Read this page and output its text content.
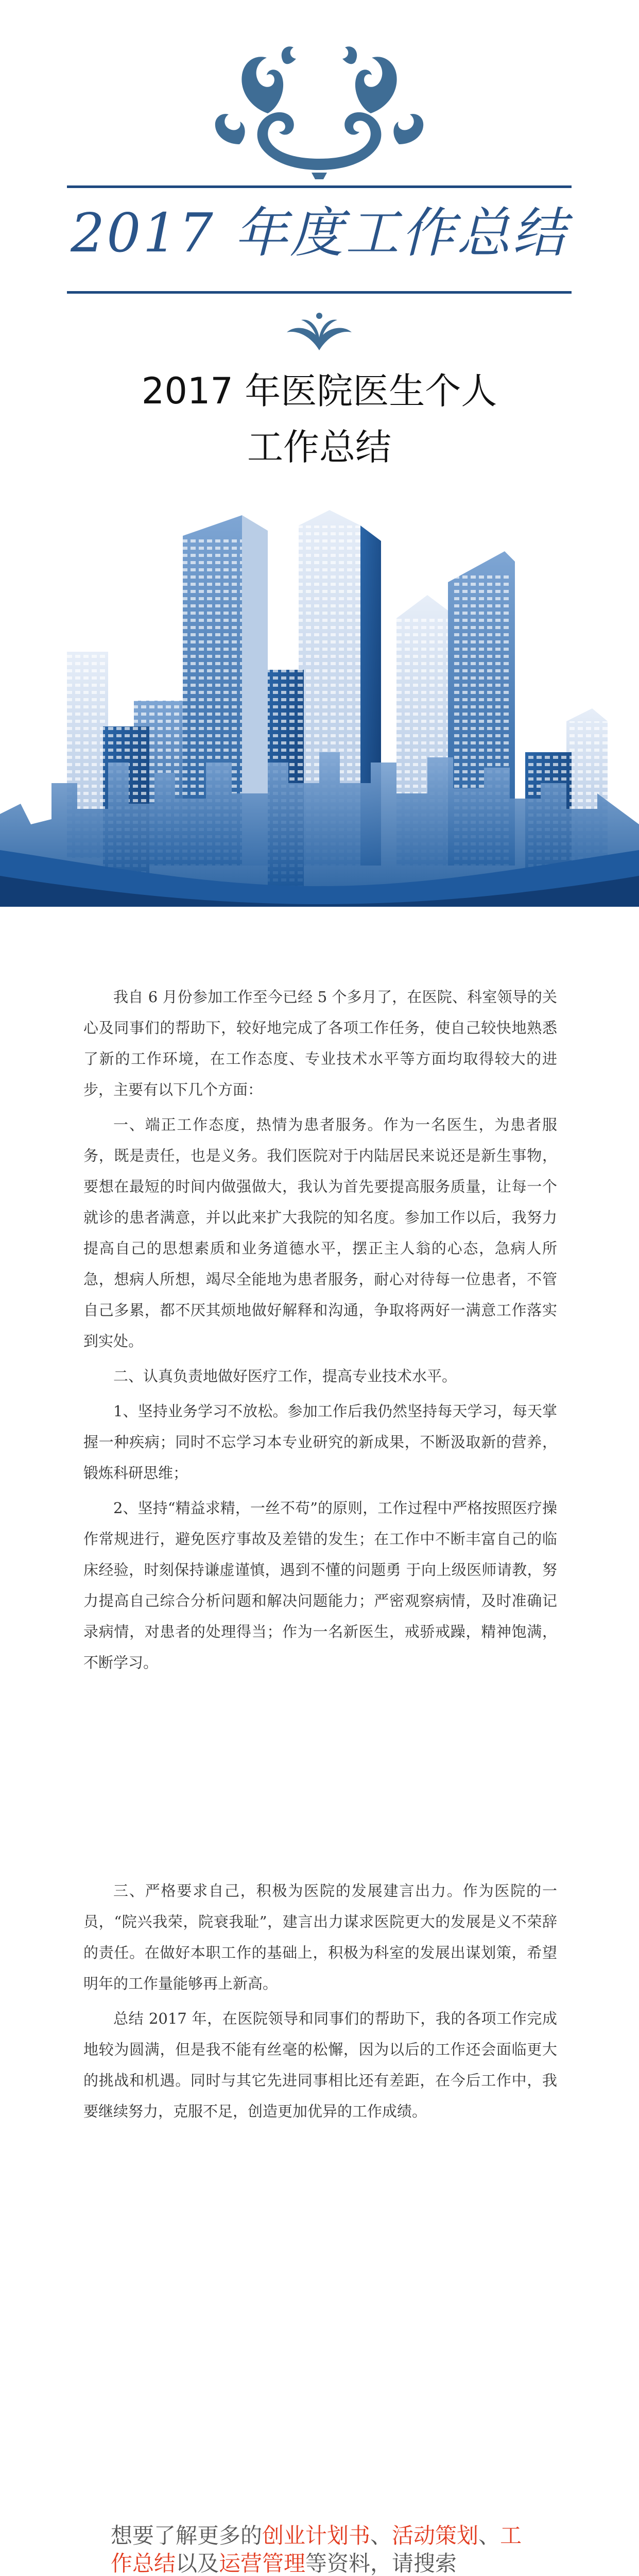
2017 年度工作总结
2017 年医院医生个人
工作总结

我自 6 月份参加工作至今已经 5 个多月了，在医院、科室领导的关心及同事们的帮助下，较好地完成了各项工作任务，使自己较快地熟悉了新的工作环境，在工作态度、专业技术水平等方面均取得较大的进步，主要有以下几个方面：

一、端正工作态度，热情为患者服务。作为一名医生，为患者服务，既是责任，也是义务。我们医院对于内陆居民来说还是新生事物，要想在最短的时间内做强做大，我认为首先要提高服务质量，让每一个就诊的患者满意，并以此来扩大我院的知名度。参加工作以后，我努力提高自己的思想素质和业务道德水平，摆正主人翁的心态，急病人所急，想病人所想，竭尽全能地为患者服务，耐心对待每一位患者，不管自己多累，都不厌其烦地做好解释和沟通，争取将两好一满意工作落实到实处。

二、认真负责地做好医疗工作，提高专业技术水平。

1、坚持业务学习不放松。参加工作后我仍然坚持每天学习，每天掌握一种疾病；同时不忘学习本专业研究的新成果，不断汲取新的营养，锻炼科研思维；

2、坚持“精益求精，一丝不苟”的原则，工作过程中严格按照医疗操作常规进行，避免医疗事故及差错的发生；在工作中不断丰富自己的临床经验，时刻保持谦虚谨慎，遇到不懂的问题勇 于向上级医师请教，努力提高自己综合分析问题和解决问题能力；严密观察病情，及时准确记录病情，对患者的处理得当；作为一名新医生，戒骄戒躁，精神饱满，不断学习。

三、严格要求自己，积极为医院的发展建言出力。作为医院的一员，“院兴我荣，院衰我耻”，建言出力谋求医院更大的发展是义不荣辞的责任。在做好本职工作的基础上，积极为科室的发展出谋划策，希望明年的工作量能够再上新高。

总结 2017 年，在医院领导和同事们的帮助下，我的各项工作完成地较为圆满，但是我不能有丝毫的松懈，因为以后的工作还会面临更大的挑战和机遇。同时与其它先进同事相比还有差距，在今后工作中，我要继续努力，克服不足，创造更加优异的工作成绩。

想要了解更多的创业计划书、活动策划、工作总结以及运营管理等资料，请搜索
